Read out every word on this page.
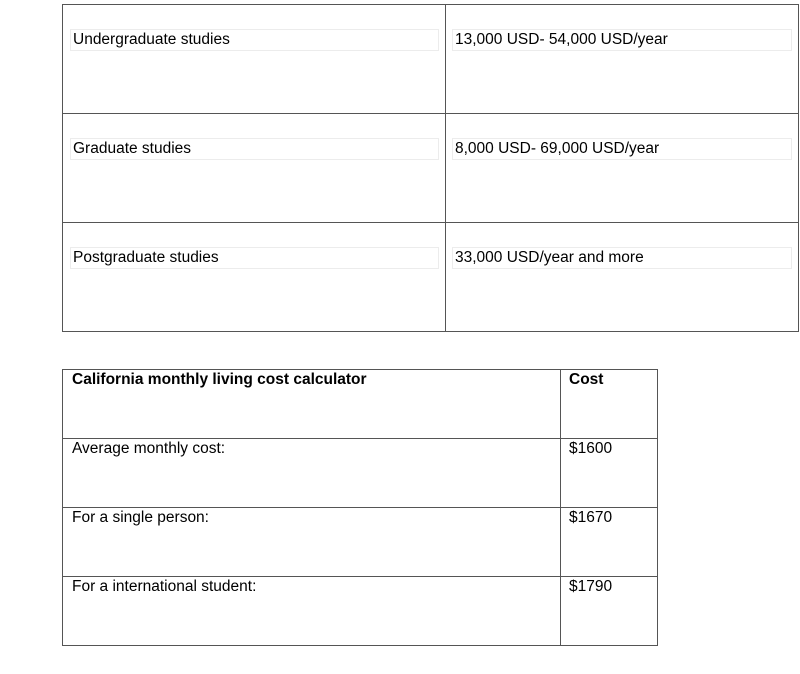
Undergraduate studies	13,000 USD- 54,000 USD/year

Graduate studies	8,000 USD- 69,000 USD/year

Postgraduate studies	33,000 USD/year and more
California monthly living cost calculator	Cost

Average monthly cost:	$1600

For a single person:	$1670

For a international student:	$1790
